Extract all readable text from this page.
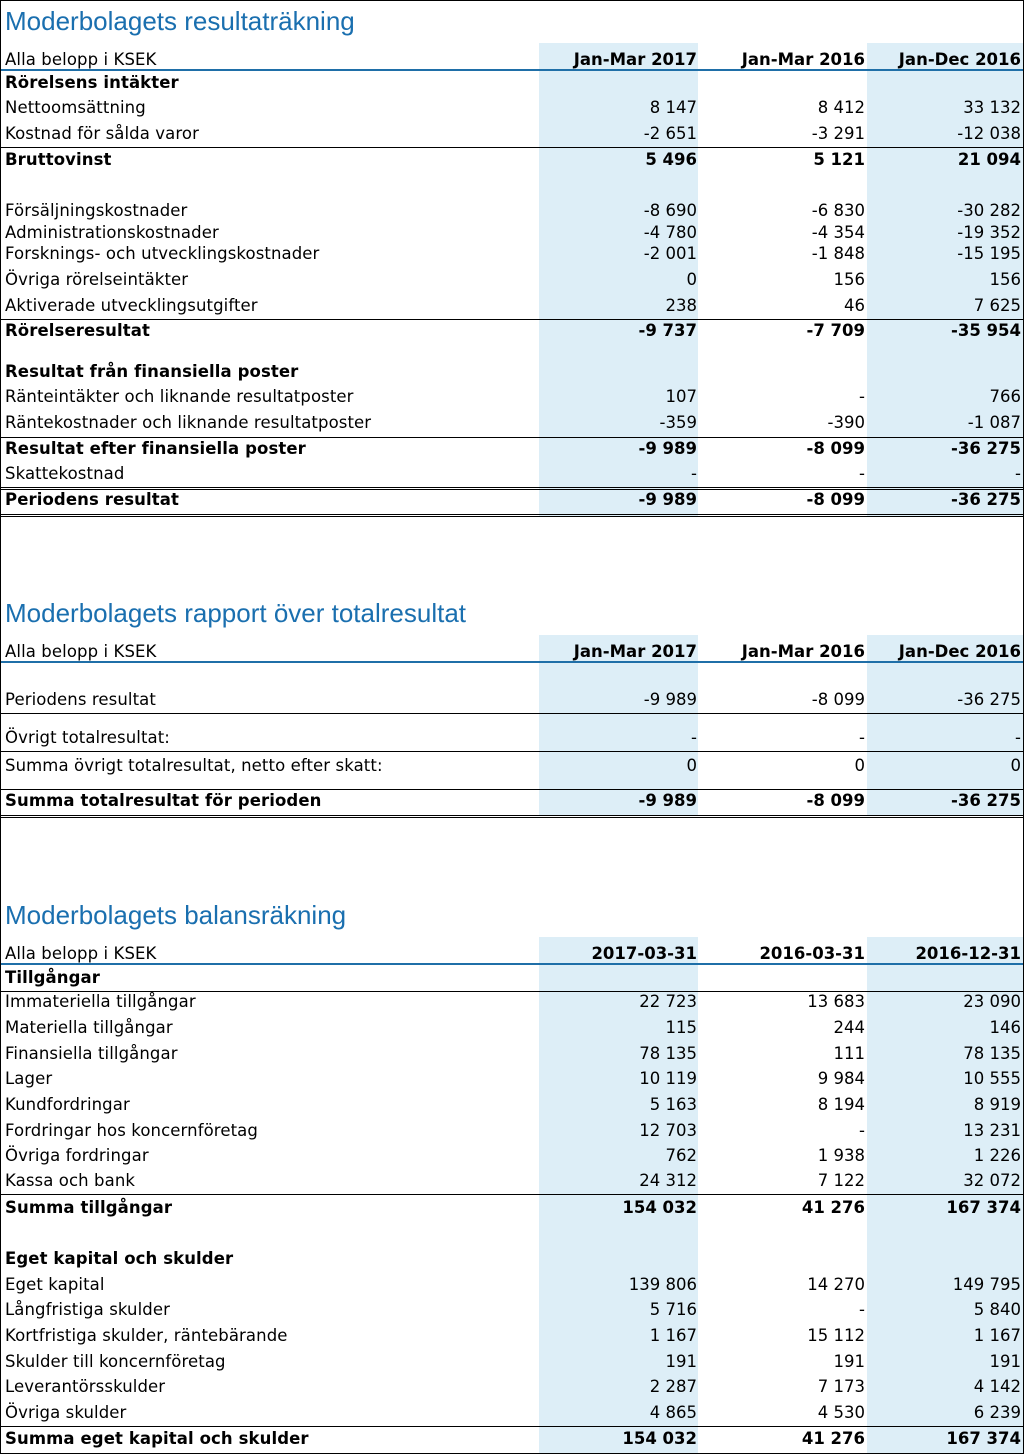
Moderbolagets resultaträkning
Alla belopp i KSEK	Jan-Mar 2017	Jan-Mar 2016	Jan-Dec 2016
Rörelsens intäkter
Nettoomsättning	8 147	8 412	33 132
Kostnad för sålda varor	-2 651	-3 291	-12 038
Bruttovinst	5 496	5 121	21 094
Försäljningskostnader	-8 690	-6 830	-30 282
Administrationskostnader	-4 780	-4 354	-19 352
Forsknings- och utvecklingskostnader	-2 001	-1 848	-15 195
Övriga rörelseintäkter	0	156	156
Aktiverade utvecklingsutgifter	238	46	7 625
Rörelseresultat	-9 737	-7 709	-35 954
Resultat från finansiella poster
Ränteintäkter och liknande resultatposter	107	-	766
Räntekostnader och liknande resultatposter	-359	-390	-1 087
Resultat efter finansiella poster	-9 989	-8 099	-36 275
Skattekostnad	-	-	-
Periodens resultat	-9 989	-8 099	-36 275
Moderbolagets rapport över totalresultat
Alla belopp i KSEK	Jan-Mar 2017	Jan-Mar 2016	Jan-Dec 2016
Periodens resultat	-9 989	-8 099	-36 275
Övrigt totalresultat:	-	-	-
Summa övrigt totalresultat, netto efter skatt:	0	0	0
Summa totalresultat för perioden	-9 989	-8 099	-36 275
Moderbolagets balansräkning
Alla belopp i KSEK	2017-03-31	2016-03-31	2016-12-31
Tillgångar
Immateriella tillgångar	22 723	13 683	23 090
Materiella tillgångar	115	244	146
Finansiella tillgångar	78 135	111	78 135
Lager	10 119	9 984	10 555
Kundfordringar	5 163	8 194	8 919
Fordringar hos koncernföretag	12 703	-	13 231
Övriga fordringar	762	1 938	1 226
Kassa och bank	24 312	7 122	32 072
Summa tillgångar	154 032	41 276	167 374
Eget kapital och skulder
Eget kapital	139 806	14 270	149 795
Långfristiga skulder	5 716	-	5 840
Kortfristiga skulder, räntebärande	1 167	15 112	1 167
Skulder till koncernföretag	191	191	191
Leverantörsskulder	2 287	7 173	4 142
Övriga skulder	4 865	4 530	6 239
Summa eget kapital och skulder	154 032	41 276	167 374
